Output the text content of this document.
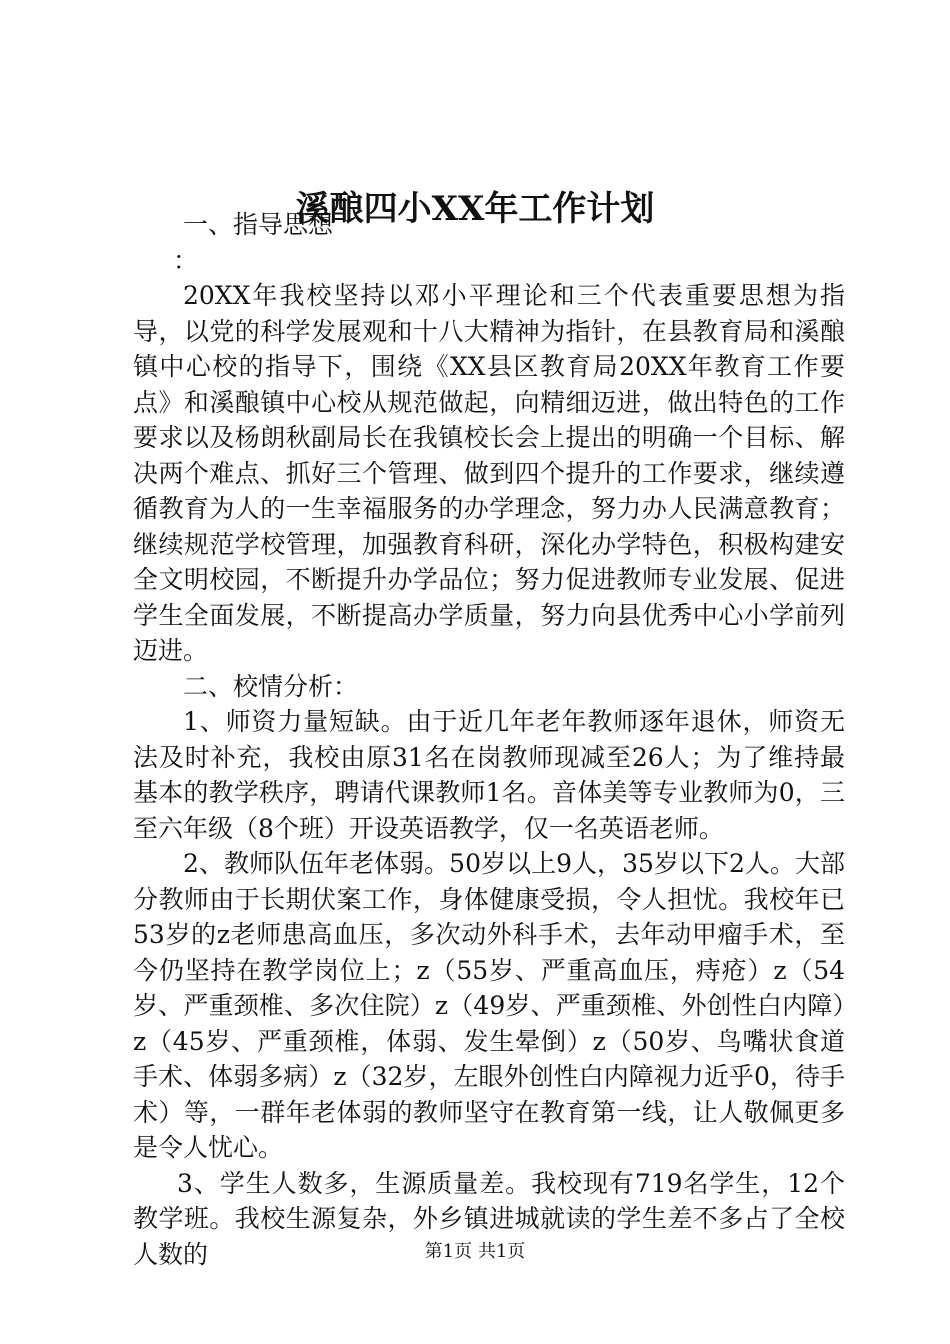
溪酿四小XX年工作计划

一、指导思想

：

20XX年我校坚持以邓小平理论和三个代表重要思想为指导，以党的科学发展观和十八大精神为指针，在县教育局和溪酿镇中心校的指导下，围绕《XX县区教育局20XX年教育工作要点》和溪酿镇中心校从规范做起，向精细迈进，做出特色的工作要求以及杨朗秋副局长在我镇校长会上提出的明确一个目标、解决两个难点、抓好三个管理、做到四个提升的工作要求，继续遵循教育为人的一生幸福服务的办学理念，努力办人民满意教育；继续规范学校管理，加强教育科研，深化办学特色，积极构建安全文明校园，不断提升办学品位；努力促进教师专业发展、促进学生全面发展，不断提高办学质量，努力向县优秀中心小学前列迈进。

二、校情分析：

1、师资力量短缺。由于近几年老年教师逐年退休，师资无法及时补充，我校由原31名在岗教师现减至26人；为了维持最基本的教学秩序，聘请代课教师1名。音体美等专业教师为0，三至六年级（8个班）开设英语教学，仅一名英语老师。

2、教师队伍年老体弱。50岁以上9人，35岁以下2人。大部分教师由于长期伏案工作，身体健康受损，令人担忧。我校年已53岁的z老师患高血压，多次动外科手术，去年动甲瘤手术，至今仍坚持在教学岗位上；z（55岁、严重高血压，痔疮）z（54岁、严重颈椎、多次住院）z（49岁、严重颈椎、外创性白内障）z（45岁、严重颈椎，体弱、发生晕倒）z（50岁、鸟嘴状食道手术、体弱多病）z（32岁，左眼外创性白内障视力近乎0，待手术）等，一群年老体弱的教师坚守在教育第一线，让人敬佩更多是令人忧心。

3、学生人数多，生源质量差。我校现有719名学生，12个教学班。我校生源复杂，外乡镇进城就读的学生差不多占了全校人数的	第1页 共1页
